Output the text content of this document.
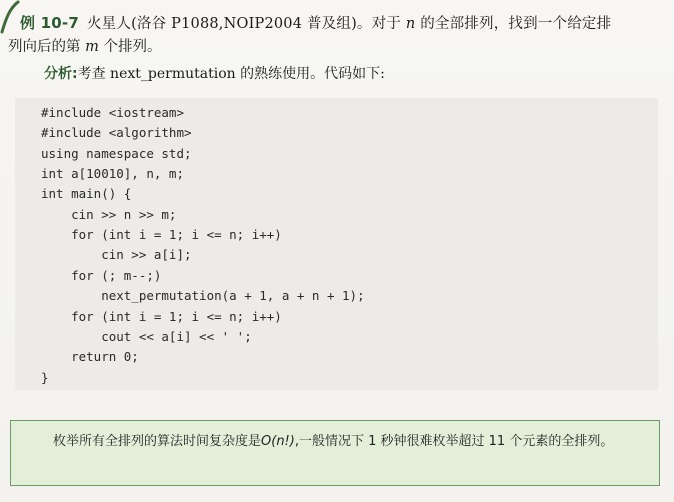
例 10-7 火星人(洛谷 P1088,NOIP2004 普及组)。对于 n 的全部排列，找到一个给定排
列向后的第 m 个排列。
分析:考查 next_permutation 的熟练使用。代码如下:
#include <iostream>
#include <algorithm>
using namespace std;
int a[10010], n, m;
int main() {
cin >> n >> m;
for (int i = 1; i <= n; i++)
cin >> a[i];
for (; m--;)
next_permutation(a + 1, a + n + 1);
for (int i = 1; i <= n; i++)
cout << a[i] << ' ';
return 0;
}
枚举所有全排列的算法时间复杂度是O(n!),一般情况下 1 秒钟很难枚举超过 11 个元素的全排列。
